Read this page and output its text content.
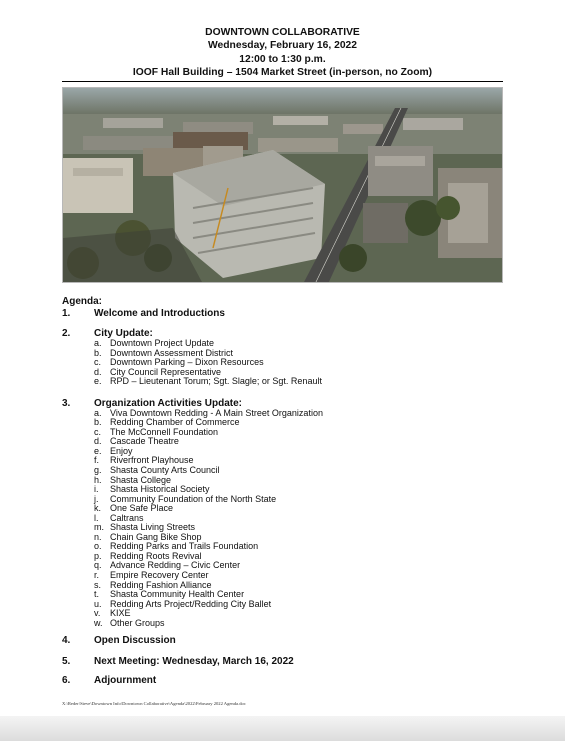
DOWNTOWN COLLABORATIVE
Wednesday, February 16, 2022
12:00 to 1:30 p.m.
IOOF Hall Building – 1504 Market Street (in-person, no Zoom)
Agenda:
1. Welcome and Introductions
2. City Update:
a. Downtown Project Update
b. Downtown Assessment District
c. Downtown Parking – Dixon Resources
d. City Council Representative
e. RPD – Lieutenant Torum; Sgt. Slagle; or Sgt. Renault
3. Organization Activities Update:
a. Viva Downtown Redding - A Main Street Organization
b. Redding Chamber of Commerce
c. The McConnell Foundation
d. Cascade Theatre
e. Enjoy
f. Riverfront Playhouse
g. Shasta County Arts Council
h. Shasta College
i. Shasta Historical Society
j. Community Foundation of the North State
k. One Safe Place
l. Caltrans
m. Shasta Living Streets
n. Chain Gang Bike Shop
o. Redding Parks and Trails Foundation
p. Redding Roots Revival
q. Advance Redding – Civic Center
r. Empire Recovery Center
s. Redding Fashion Alliance
t. Shasta Community Health Center
u. Redding Arts Project/Redding City Ballet
v. KIXE
w. Other Groups
4. Open Discussion
5. Next Meeting: Wednesday, March 16, 2022
6. Adjournment
X:\Reder\Steve\Downtown Info\Downtown Collaborative\Agenda\2022\February 2022 Agenda.doc
